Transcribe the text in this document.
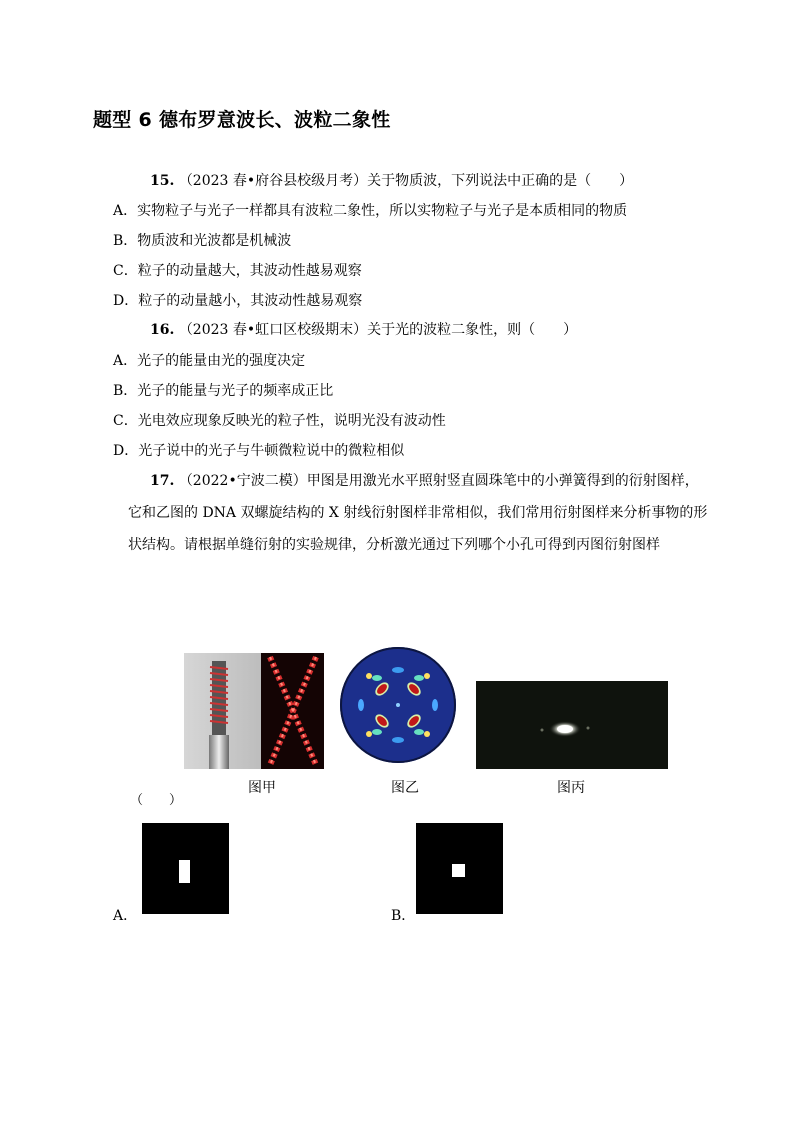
题型 6 德布罗意波长、波粒二象性
15. （2023 春•府谷县校级月考）关于物质波，下列说法中正确的是（　　）
A．实物粒子与光子一样都具有波粒二象性，所以实物粒子与光子是本质相同的物质
B．物质波和光波都是机械波
C．粒子的动量越大，其波动性越易观察
D．粒子的动量越小，其波动性越易观察
16. （2023 春•虹口区校级期末）关于光的波粒二象性，则（　　）
A．光子的能量由光的强度决定
B．光子的能量与光子的频率成正比
C．光电效应现象反映光的粒子性，说明光没有波动性
D．光子说中的光子与牛顿微粒说中的微粒相似
17. （2022•宁波二模）甲图是用激光水平照射竖直圆珠笔中的小弹簧得到的衍射图样，
它和乙图的 DNA 双螺旋结构的 X 射线衍射图样非常相似，我们常用衍射图样来分析事物的形
状结构。请根据单缝衍射的实验规律，分析激光通过下列哪个小孔可得到丙图衍射图样
图甲	图乙	图丙
（　　）
A．	B．
